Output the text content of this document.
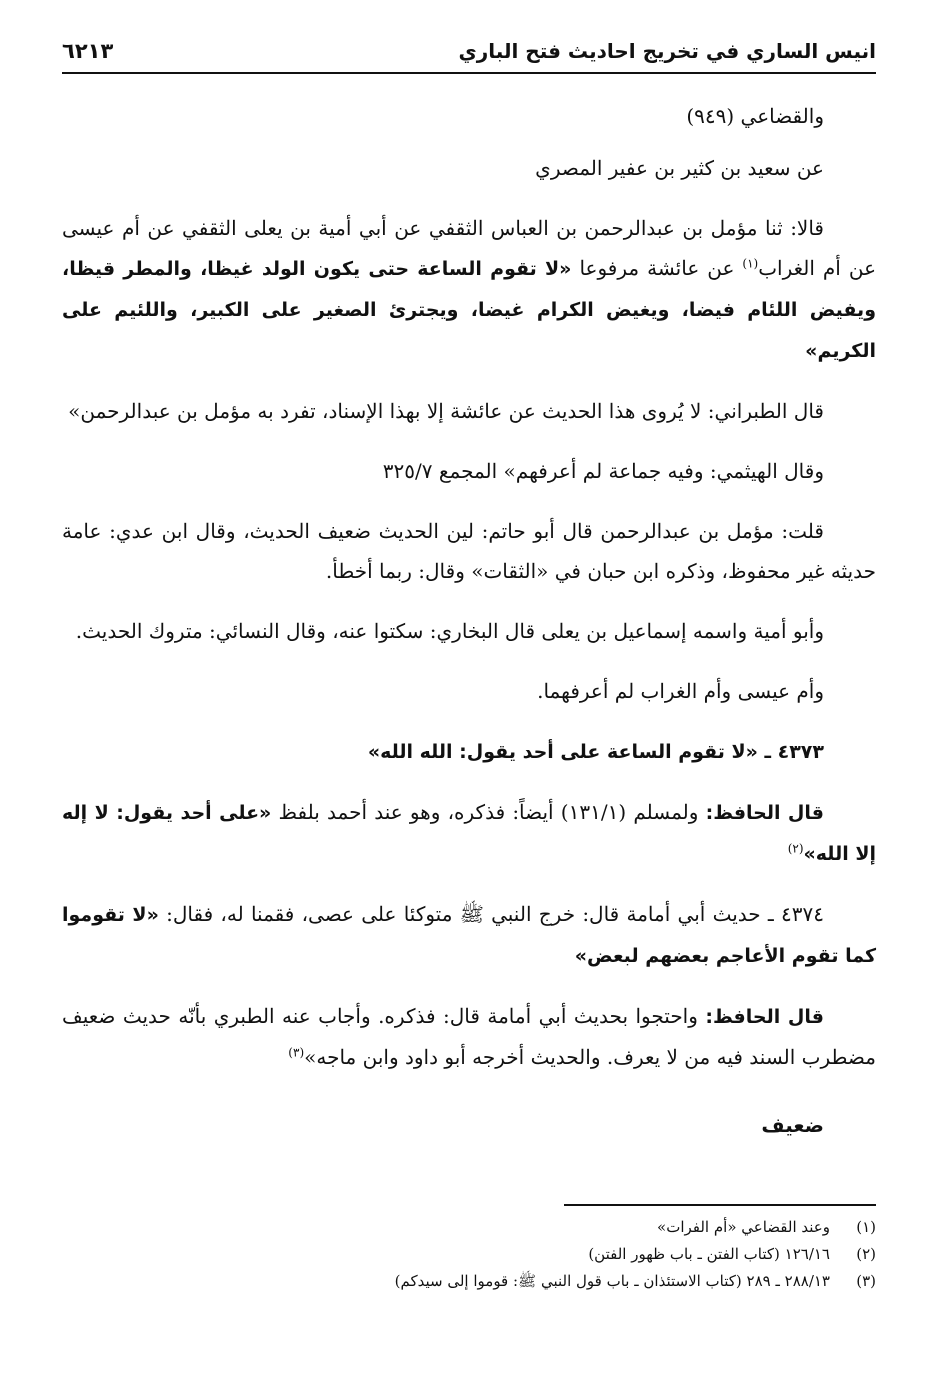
انيس الساري في تخريج احاديث فتح الباري
٦٢١٣

والقضاعي (٩٤٩)

عن سعيد بن كثير بن عفير المصري

قالا: ثنا مؤمل بن عبدالرحمن بن العباس الثقفي عن أبي أمية بن يعلى الثقفي عن أم عيسى عن أم الغراب$^{(١)}$ عن عائشة مرفوعا «لا تقوم الساعة حتى يكون الولد غيظا، والمطر قيظا، ويفيض اللئام فيضا، ويغيض الكرام غيضا، ويجترئ الصغير على الكبير، واللئيم على الكريم»

قال الطبراني: لا يُروى هذا الحديث عن عائشة إلا بهذا الإسناد، تفرد به مؤمل بن عبدالرحمن»

وقال الهيثمي: وفيه جماعة لم أعرفهم» المجمع ٣٢٥/٧

قلت: مؤمل بن عبدالرحمن قال أبو حاتم: لين الحديث ضعيف الحديث، وقال ابن عدي: عامة حديثه غير محفوظ، وذكره ابن حبان في «الثقات» وقال: ربما أخطأ.

وأبو أمية واسمه إسماعيل بن يعلى قال البخاري: سكتوا عنه، وقال النسائي: متروك الحديث.

وأم عيسى وأم الغراب لم أعرفهما.

٤٣٧٣ ـ «لا تقوم الساعة على أحد يقول: الله الله»

قال الحافظ: ولمسلم (١٣١/١) أيضاً: فذكره، وهو عند أحمد بلفظ «على أحد يقول: لا إله إلا الله»$^{(٢)}$

٤٣٧٤ ـ حديث أبي أمامة قال: خرج النبي ﷺ متوكئا على عصى، فقمنا له، فقال: «لا تقوموا كما تقوم الأعاجم بعضهم لبعض»

قال الحافظ: واحتجوا بحديث أبي أمامة قال: فذكره. وأجاب عنه الطبري بأنّه حديث ضعيف مضطرب السند فيه من لا يعرف. والحديث أخرجه أبو داود وابن ماجه»$^{(٣)}$

ضعيف
(١)
وعند القضاعي «أم الفرات»
(٢)
١٢٦/١٦ (كتاب الفتن ـ باب ظهور الفتن)
(٣)
٢٨٨/١٣ ـ ٢٨٩ (كتاب الاستئذان ـ باب قول النبي ﷺ: قوموا إلى سيدكم)
